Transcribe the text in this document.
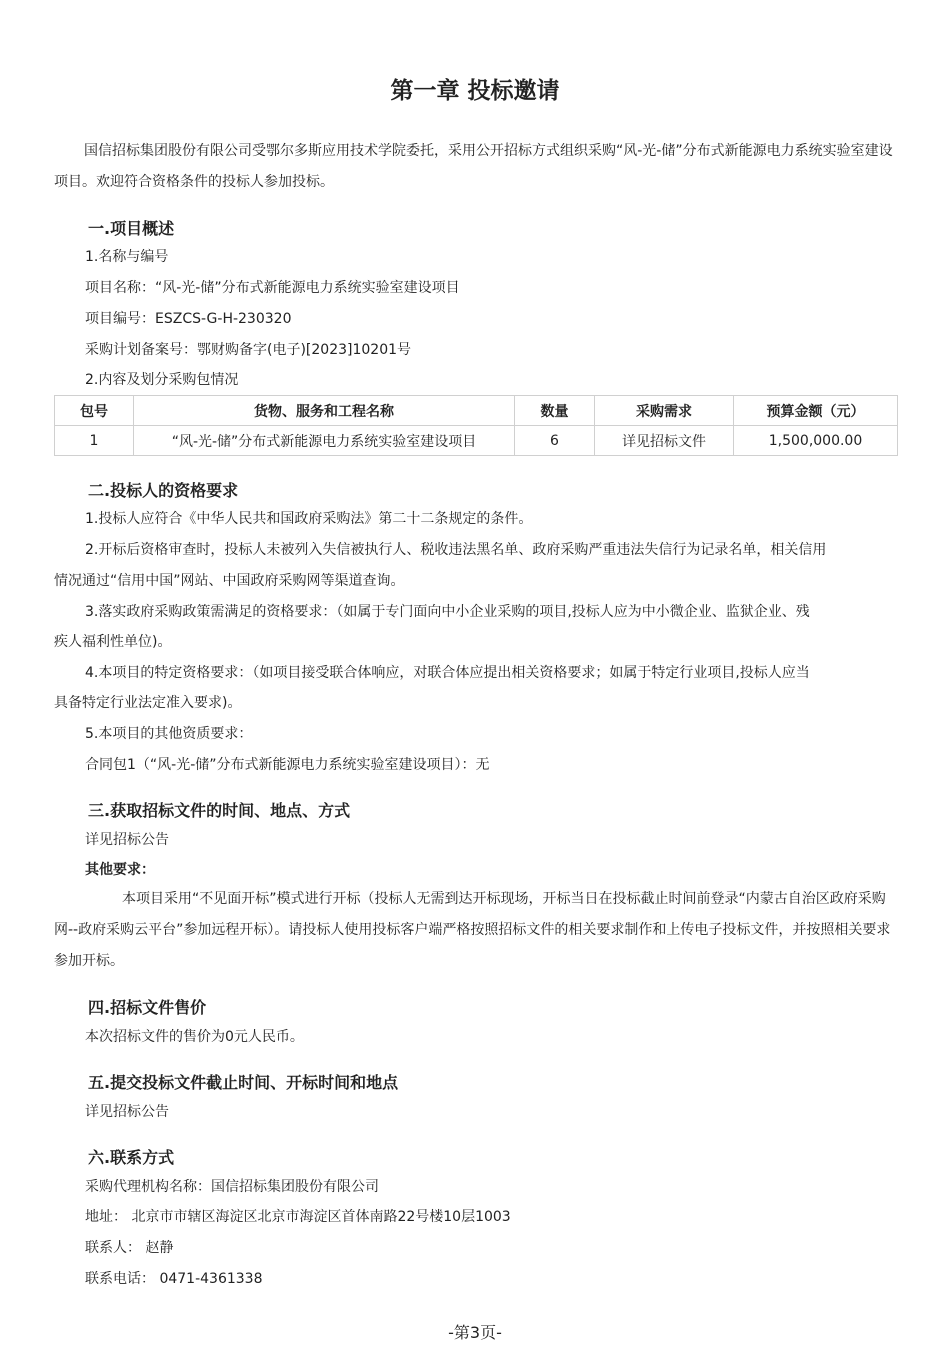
第一章 投标邀请
国信招标集团股份有限公司受鄂尔多斯应用技术学院委托，采用公开招标方式组织采购“风-光-储”分布式新能源电力系统实验室建设项目。欢迎符合资格条件的投标人参加投标。
一.项目概述
1.名称与编号
项目名称：“风-光-储”分布式新能源电力系统实验室建设项目
项目编号：ESZCS-G-H-230320
采购计划备案号：鄂财购备字(电子)[2023]10201号
2.内容及划分采购包情况
包号	货物、服务和工程名称	数量	采购需求	预算金额（元）
1	“风-光-储”分布式新能源电力系统实验室建设项目	6	详见招标文件	1,500,000.00
二.投标人的资格要求
1.投标人应符合《中华人民共和国政府采购法》第二十二条规定的条件。
2.开标后资格审查时，投标人未被列入失信被执行人、税收违法黑名单、政府采购严重违法失信行为记录名单，相关信用
情况通过“信用中国”网站、中国政府采购网等渠道查询。
3.落实政府采购政策需满足的资格要求：（如属于专门面向中小企业采购的项目,投标人应为中小微企业、监狱企业、残
疾人福利性单位)。
4.本项目的特定资格要求：（如项目接受联合体响应，对联合体应提出相关资格要求；如属于特定行业项目,投标人应当
具备特定行业法定准入要求)。
5.本项目的其他资质要求：
合同包1（“风-光-储”分布式新能源电力系统实验室建设项目）：无
三.获取招标文件的时间、地点、方式
详见招标公告
其他要求：
本项目采用“不见面开标”模式进行开标（投标人无需到达开标现场，开标当日在投标截止时间前登录“内蒙古自治区政府采购网--政府采购云平台”参加远程开标）。请投标人使用投标客户端严格按照招标文件的相关要求制作和上传电子投标文件，并按照相关要求参加开标。
四.招标文件售价
本次招标文件的售价为0元人民币。
五.提交投标文件截止时间、开标时间和地点
详见招标公告
六.联系方式
采购代理机构名称：国信招标集团股份有限公司
地址： 北京市市辖区海淀区北京市海淀区首体南路22号楼10层1003
联系人： 赵静
联系电话： 0471-4361338
-第3页-
